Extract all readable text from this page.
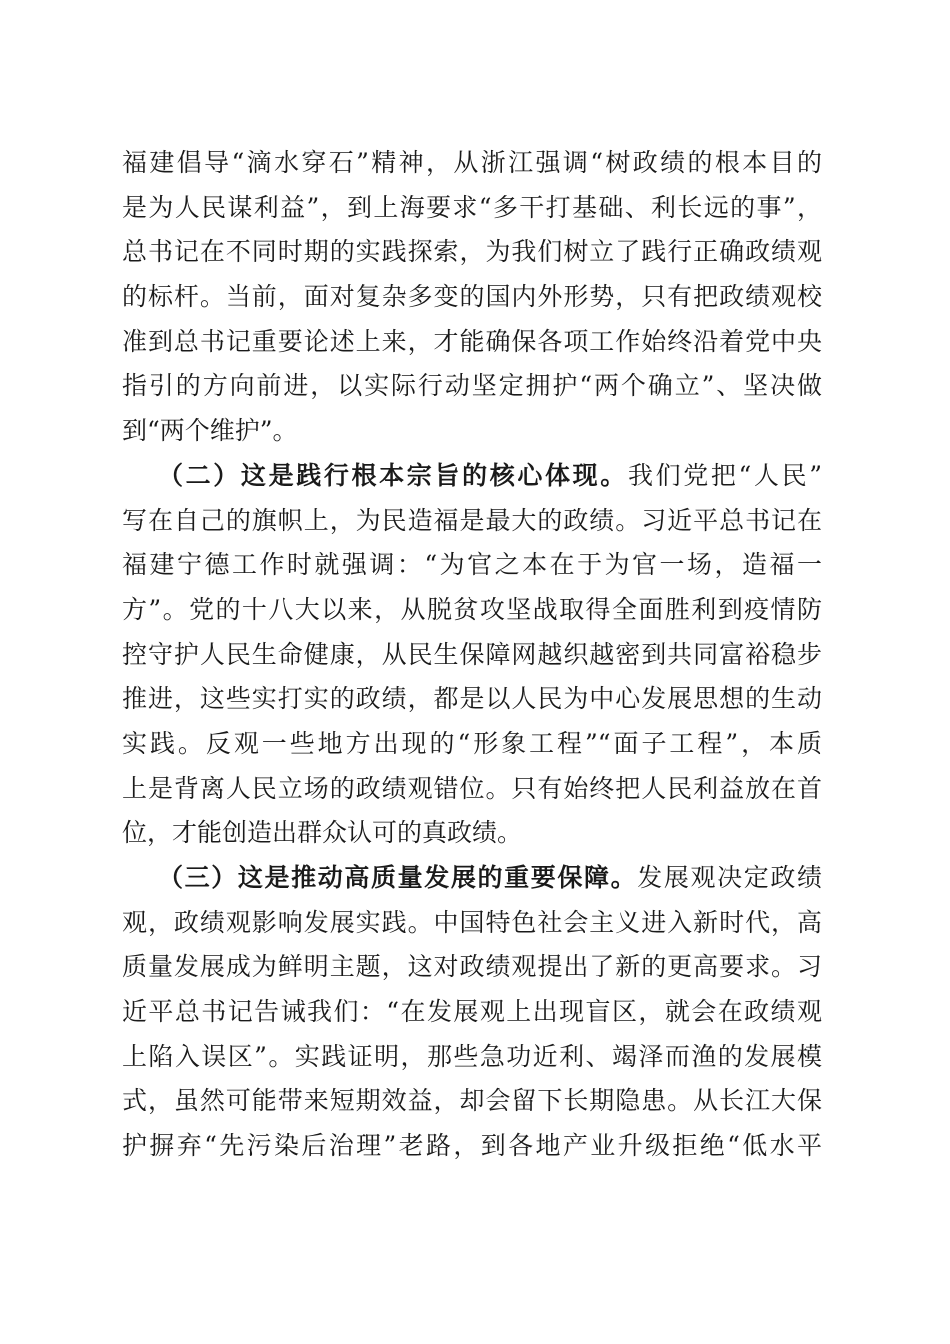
福建倡导“滴水穿石”精神，从浙江强调“树政绩的根本目的
是为人民谋利益”，到上海要求“多干打基础、利长远的事”，
总书记在不同时期的实践探索，为我们树立了践行正确政绩观
的标杆。当前，面对复杂多变的国内外形势，只有把政绩观校
准到总书记重要论述上来，才能确保各项工作始终沿着党中央
指引的方向前进，以实际行动坚定拥护“两个确立”、坚决做
到“两个维护”。
（二）这是践行根本宗旨的核心体现。我们党把“人民”
写在自己的旗帜上，为民造福是最大的政绩。习近平总书记在
福建宁德工作时就强调：“为官之本在于为官一场，造福一
方”。党的十八大以来，从脱贫攻坚战取得全面胜利到疫情防
控守护人民生命健康，从民生保障网越织越密到共同富裕稳步
推进，这些实打实的政绩，都是以人民为中心发展思想的生动
实践。反观一些地方出现的“形象工程”“面子工程”，本质
上是背离人民立场的政绩观错位。只有始终把人民利益放在首
位，才能创造出群众认可的真政绩。
（三）这是推动高质量发展的重要保障。发展观决定政绩
观，政绩观影响发展实践。中国特色社会主义进入新时代，高
质量发展成为鲜明主题，这对政绩观提出了新的更高要求。习
近平总书记告诫我们：“在发展观上出现盲区，就会在政绩观
上陷入误区”。实践证明，那些急功近利、竭泽而渔的发展模
式，虽然可能带来短期效益，却会留下长期隐患。从长江大保
护摒弃“先污染后治理”老路，到各地产业升级拒绝“低水平
